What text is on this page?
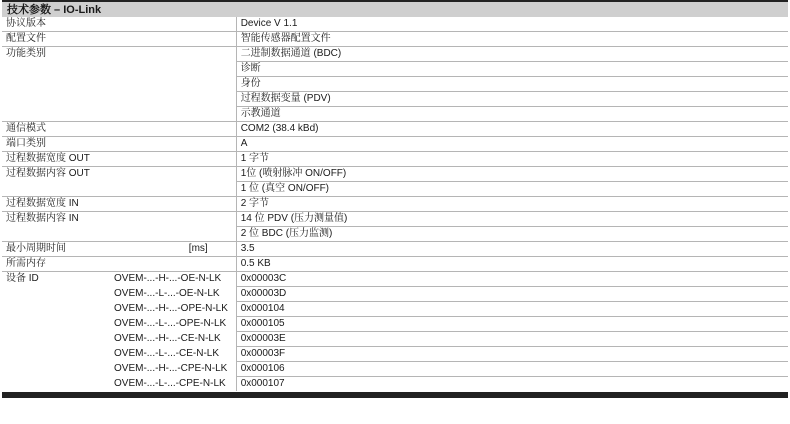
技术参数 – IO-Link
协议版本	Device V 1.1
配置文件	智能传感器配置文件
功能类别	二进制数据通道 (BDC)
	诊断
	身份
	过程数据变量 (PDV)
	示教通道
通信模式	COM2 (38.4 kBd)
端口类别	A
过程数据宽度 OUT	1 字节
过程数据内容 OUT	1位 (喷射脉冲 ON/OFF)
	1 位 (真空 ON/OFF)
过程数据宽度 IN	2 字节
过程数据内容 IN	14 位 PDV (压力测量值)
	2 位 BDC (压力监测)
最小周期时间 [ms]	3.5
所需内存	0.5 KB
设备 ID OVEM-...-H-...-OE-N-LK	0x00003C
OVEM-...-L-...-OE-N-LK	0x00003D
OVEM-...-H-...-OPE-N-LK	0x000104
OVEM-...-L-...-OPE-N-LK	0x000105
OVEM-...-H-...-CE-N-LK	0x00003E
OVEM-...-L-...-CE-N-LK	0x00003F
OVEM-...-H-...-CPE-N-LK	0x000106
OVEM-...-L-...-CPE-N-LK	0x000107
